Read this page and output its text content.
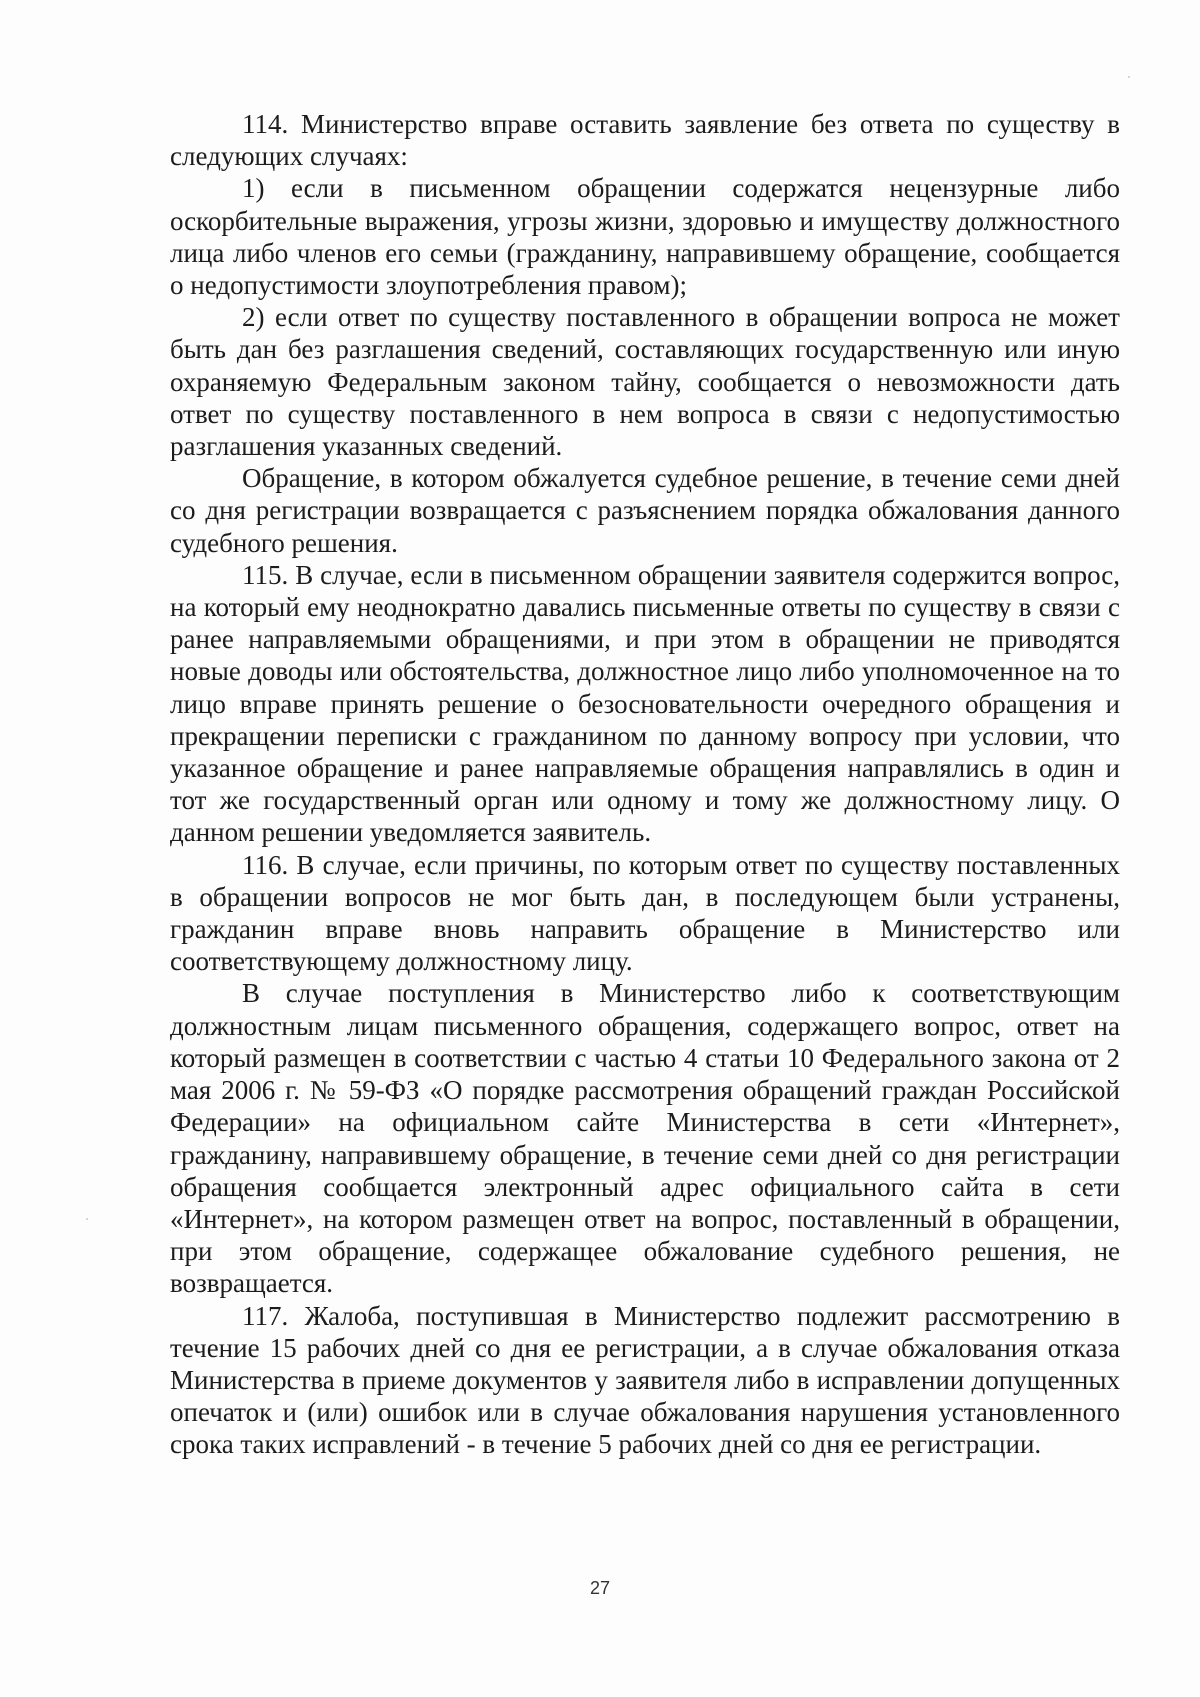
114. Министерство вправе оставить заявление без ответа по существу в следующих случаях:

1) если в письменном обращении содержатся нецензурные либо оскорбительные выражения, угрозы жизни, здоровью и имуществу должностного лица либо членов его семьи (гражданину, направившему обращение, сообщается о недопустимости злоупотребления правом);

2) если ответ по существу поставленного в обращении вопроса не может быть дан без разглашения сведений, составляющих государственную или иную охраняемую Федеральным законом тайну, сообщается о невозможности дать ответ по существу поставленного в нем вопроса в связи с недопустимостью разглашения указанных сведений.

Обращение, в котором обжалуется судебное решение, в течение семи дней со дня регистрации возвращается с разъяснением порядка обжалования данного судебного решения.

115. В случае, если в письменном обращении заявителя содержится вопрос, на который ему неоднократно давались письменные ответы по существу в связи с ранее направляемыми обращениями, и при этом в обращении не приводятся новые доводы или обстоятельства, должностное лицо либо уполномоченное на то лицо вправе принять решение о безосновательности очередного обращения и прекращении переписки с гражданином по данному вопросу при условии, что указанное обращение и ранее направляемые обращения направлялись в один и тот же государственный орган или одному и тому же должностному лицу. О данном решении уведомляется заявитель.

116. В случае, если причины, по которым ответ по существу поставленных в обращении вопросов не мог быть дан, в последующем были устранены, гражданин вправе вновь направить обращение в Министерство или соответствующему должностному лицу.

В случае поступления в Министерство либо к соответствующим должностным лицам письменного обращения, содержащего вопрос, ответ на который размещен в соответствии с частью 4 статьи 10 Федерального закона от 2 мая 2006 г. № 59-ФЗ «О порядке рассмотрения обращений граждан Российской Федерации» на официальном сайте Министерства в сети «Интернет», гражданину, направившему обращение, в течение семи дней со дня регистрации обращения сообщается электронный адрес официального сайта в сети «Интернет», на котором размещен ответ на вопрос, поставленный в обращении, при этом обращение, содержащее обжалование судебного решения, не возвращается.

117. Жалоба, поступившая в Министерство подлежит рассмотрению в течение 15 рабочих дней со дня ее регистрации, а в случае обжалования отказа Министерства в приеме документов у заявителя либо в исправлении допущенных опечаток и (или) ошибок или в случае обжалования нарушения установленного срока таких исправлений - в течение 5 рабочих дней со дня ее регистрации.

27
